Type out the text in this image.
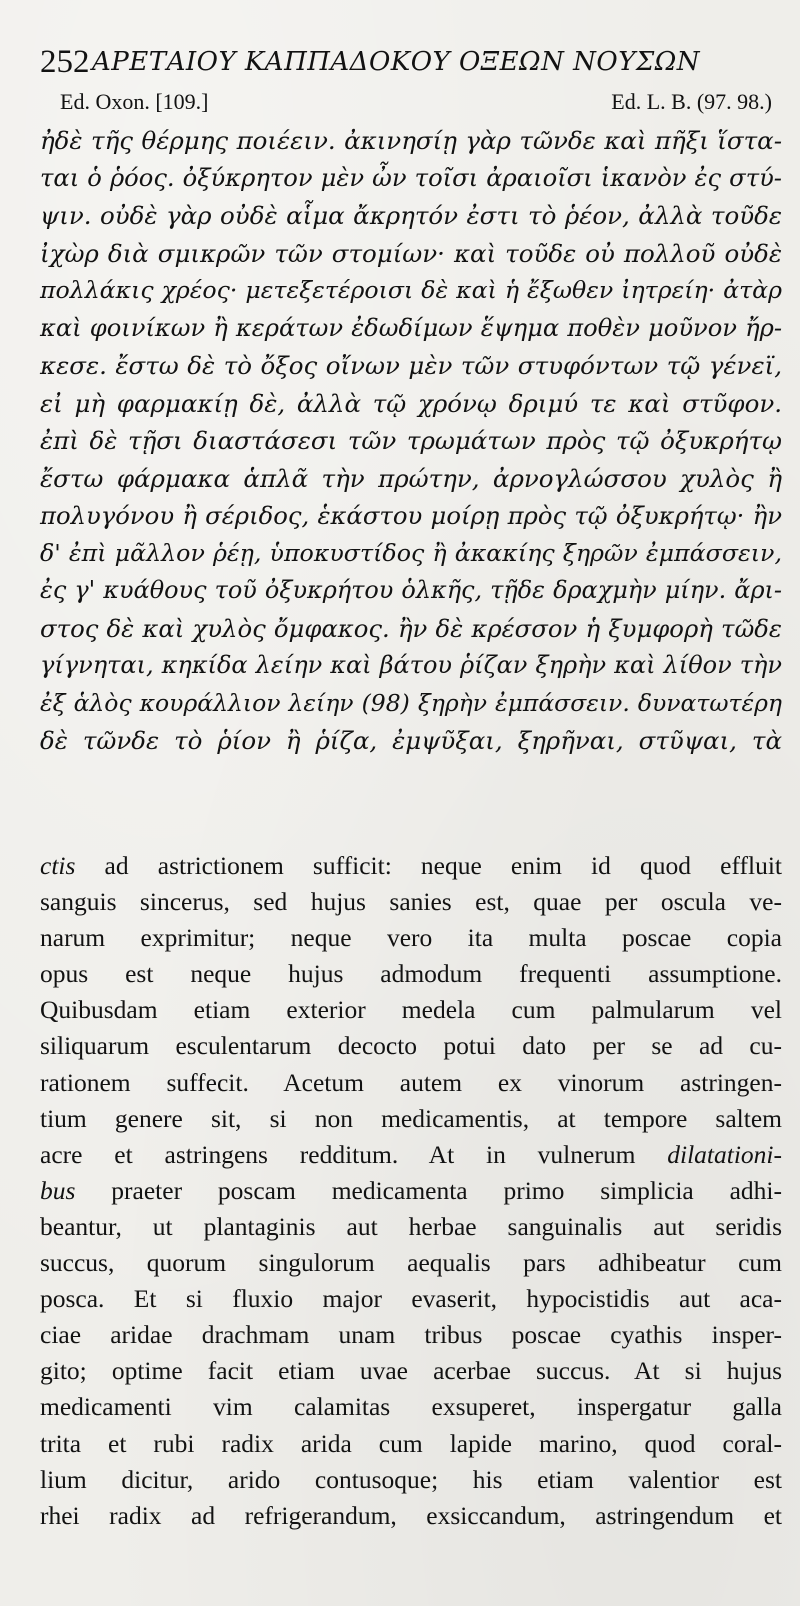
252 ΑΡΕΤΑΙΟΥ ΚΑΠΠΑΔΟΚΟΥ ΟΞΕΩΝ ΝΟΥΣΩΝ
Ed. Oxon. [109.]	Ed. L. B. (97. 98.)
ἠδὲ τῆς θέρμης ποιέειν. ἀκινησίῃ γὰρ τῶνδε καὶ πῆξι ἵστα-
ται ὁ ῥόος. ὀξύκρητον μὲν ὦν τοῖσι ἀραιοῖσι ἱκανὸν ἐς στύ-
ψιν. οὐδὲ γὰρ οὐδὲ αἷμα ἄκρητόν ἐστι τὸ ῥέον, ἀλλὰ τοῦδε
ἰχὼρ διὰ σμικρῶν τῶν στομίων· καὶ τοῦδε οὐ πολλοῦ οὐδὲ
πολλάκις χρέος· μετεξετέροισι δὲ καὶ ἡ ἔξωθεν ἰητρείη· ἀτὰρ
καὶ φοινίκων ἢ κεράτων ἐδωδίμων ἕψημα ποθὲν μοῦνον ἤρ-
κεσε. ἔστω δὲ τὸ ὄξος οἴνων μὲν τῶν στυφόντων τῷ γένεϊ,
εἰ μὴ φαρμακίῃ δὲ, ἀλλὰ τῷ χρόνῳ δριμύ τε καὶ στῦφον.
ἐπὶ δὲ τῇσι διαστάσεσι τῶν τρωμάτων πρὸς τῷ ὀξυκρήτῳ
ἔστω φάρμακα ἁπλᾶ τὴν πρώτην, ἀρνογλώσσου χυλὸς ἢ
πολυγόνου ἢ σέριδος, ἑκάστου μοίρῃ πρὸς τῷ ὀξυκρήτῳ· ἢν
δ' ἐπὶ μᾶλλον ῥέῃ, ὑποκυστίδος ἢ ἀκακίης ξηρῶν ἐμπάσσειν,
ἐς γ' κυάθους τοῦ ὀξυκρήτου ὁλκῆς, τῇδε δραχμὴν μίην. ἄρι-
στος δὲ καὶ χυλὸς ὄμφακος. ἢν δὲ κρέσσον ἡ ξυμφορὴ τῶδε
γίγνηται, κηκίδα λείην καὶ βάτου ῥίζαν ξηρὴν καὶ λίθον τὴν
ἐξ ἁλὸς κουράλλιον λείην (98) ξηρὴν ἐμπάσσειν. δυνατωτέρη
δὲ τῶνδε τὸ ῥίον ἢ ῥίζα, ἐμψῦξαι, ξηρῆναι, στῦψαι, τὰ
ctis ad astrictionem sufficit: neque enim id quod effluit
sanguis sincerus, sed hujus sanies est, quae per oscula ve-
narum exprimitur; neque vero ita multa poscae copia
opus est neque hujus admodum frequenti assumptione.
Quibusdam etiam exterior medela cum palmularum vel
siliquarum esculentarum decocto potui dato per se ad cu-
rationem suffecit. Acetum autem ex vinorum astringen-
tium genere sit, si non medicamentis, at tempore saltem
acre et astringens redditum. At in vulnerum dilatationi-
bus praeter poscam medicamenta primo simplicia adhi-
beantur, ut plantaginis aut herbae sanguinalis aut seridis
succus, quorum singulorum aequalis pars adhibeatur cum
posca. Et si fluxio major evaserit, hypocistidis aut aca-
ciae aridae drachmam unam tribus poscae cyathis insper-
gito; optime facit etiam uvae acerbae succus. At si hujus
medicamenti vim calamitas exsuperet, inspergatur galla
trita et rubi radix arida cum lapide marino, quod coral-
lium dicitur, arido contusoque; his etiam valentior est
rhei radix ad refrigerandum, exsiccandum, astringendum et
